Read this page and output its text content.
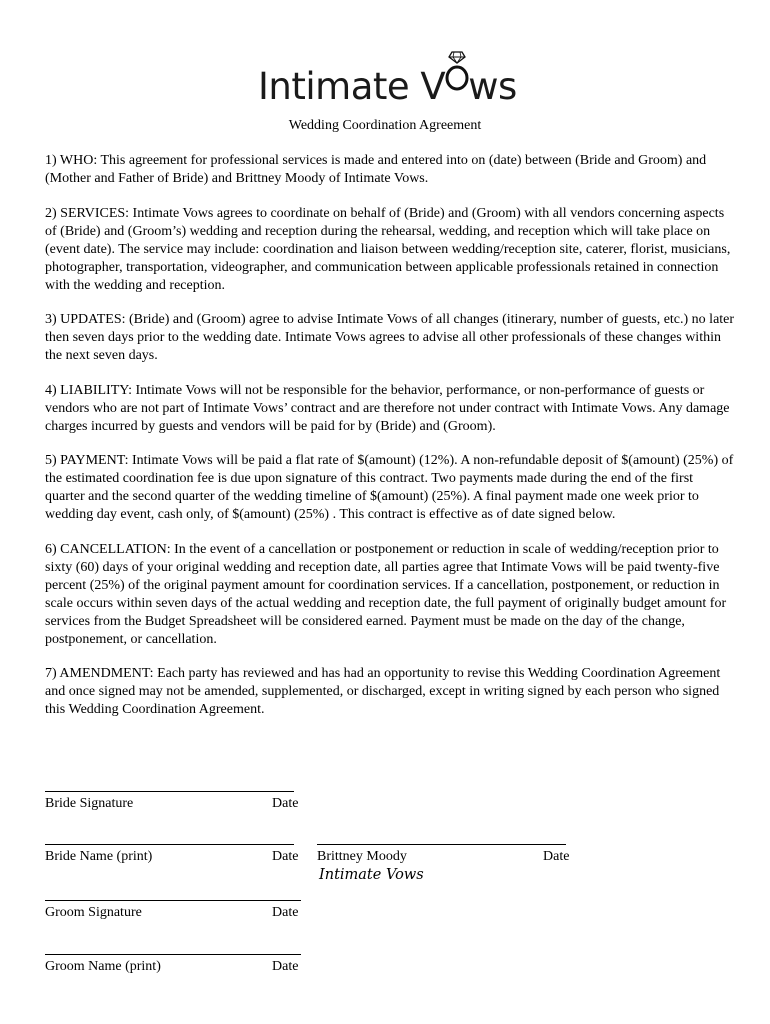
Intimate V ws
Wedding Coordination Agreement

1) WHO: This agreement for professional services is made and entered into on (date) between (Bride and Groom) and (Mother and Father of Bride) and Brittney Moody of Intimate Vows.

2) SERVICES: Intimate Vows agrees to coordinate on behalf of (Bride) and (Groom) with all vendors concerning aspects of (Bride) and (Groom’s) wedding and reception during the rehearsal, wedding, and reception which will take place on (event date). The service may include: coordination and liaison between wedding/reception site, caterer, florist, musicians, photographer, transportation, videographer, and communication between applicable professionals retained in connection with the wedding and reception.

3) UPDATES: (Bride) and (Groom) agree to advise Intimate Vows of all changes (itinerary, number of guests, etc.) no later then seven days prior to the wedding date. Intimate Vows agrees to advise all other professionals of these changes within the next seven days.

4) LIABILITY: Intimate Vows will not be responsible for the behavior, performance, or non-performance of guests or vendors who are not part of Intimate Vows’ contract and are therefore not under contract with Intimate Vows. Any damage charges incurred by guests and vendors will be paid for by (Bride) and (Groom).

5) PAYMENT: Intimate Vows will be paid a flat rate of $(amount) (12%). A non-refundable deposit of $(amount) (25%) of the estimated coordination fee is due upon signature of this contract. Two payments made during the end of the first quarter and the second quarter of the wedding timeline of $(amount) (25%). A final payment made one week prior to wedding day event, cash only, of $(amount) (25%) . This contract is effective as of date signed below.

6) CANCELLATION: In the event of a cancellation or postponement or reduction in scale of wedding/reception prior to sixty (60) days of your original wedding and reception date, all parties agree that Intimate Vows will be paid twenty-five percent (25%) of the original payment amount for coordination services. If a cancellation, postponement, or reduction in scale occurs within seven days of the actual wedding and reception date, the full payment of originally budget amount for services from the Budget Spreadsheet will be considered earned. Payment must be made on the day of the change, postponement, or cancellation.

7) AMENDMENT: Each party has reviewed and has had an opportunity to revise this Wedding Coordination Agreement and once signed may not be amended, supplemented, or discharged, except in writing signed by each person who signed this Wedding Coordination Agreement.

Bride Signature	Date
Bride Name (print)	Date Brittney Moody	Date
Intimate Vows
Groom Signature	Date
Groom Name (print)	Date
